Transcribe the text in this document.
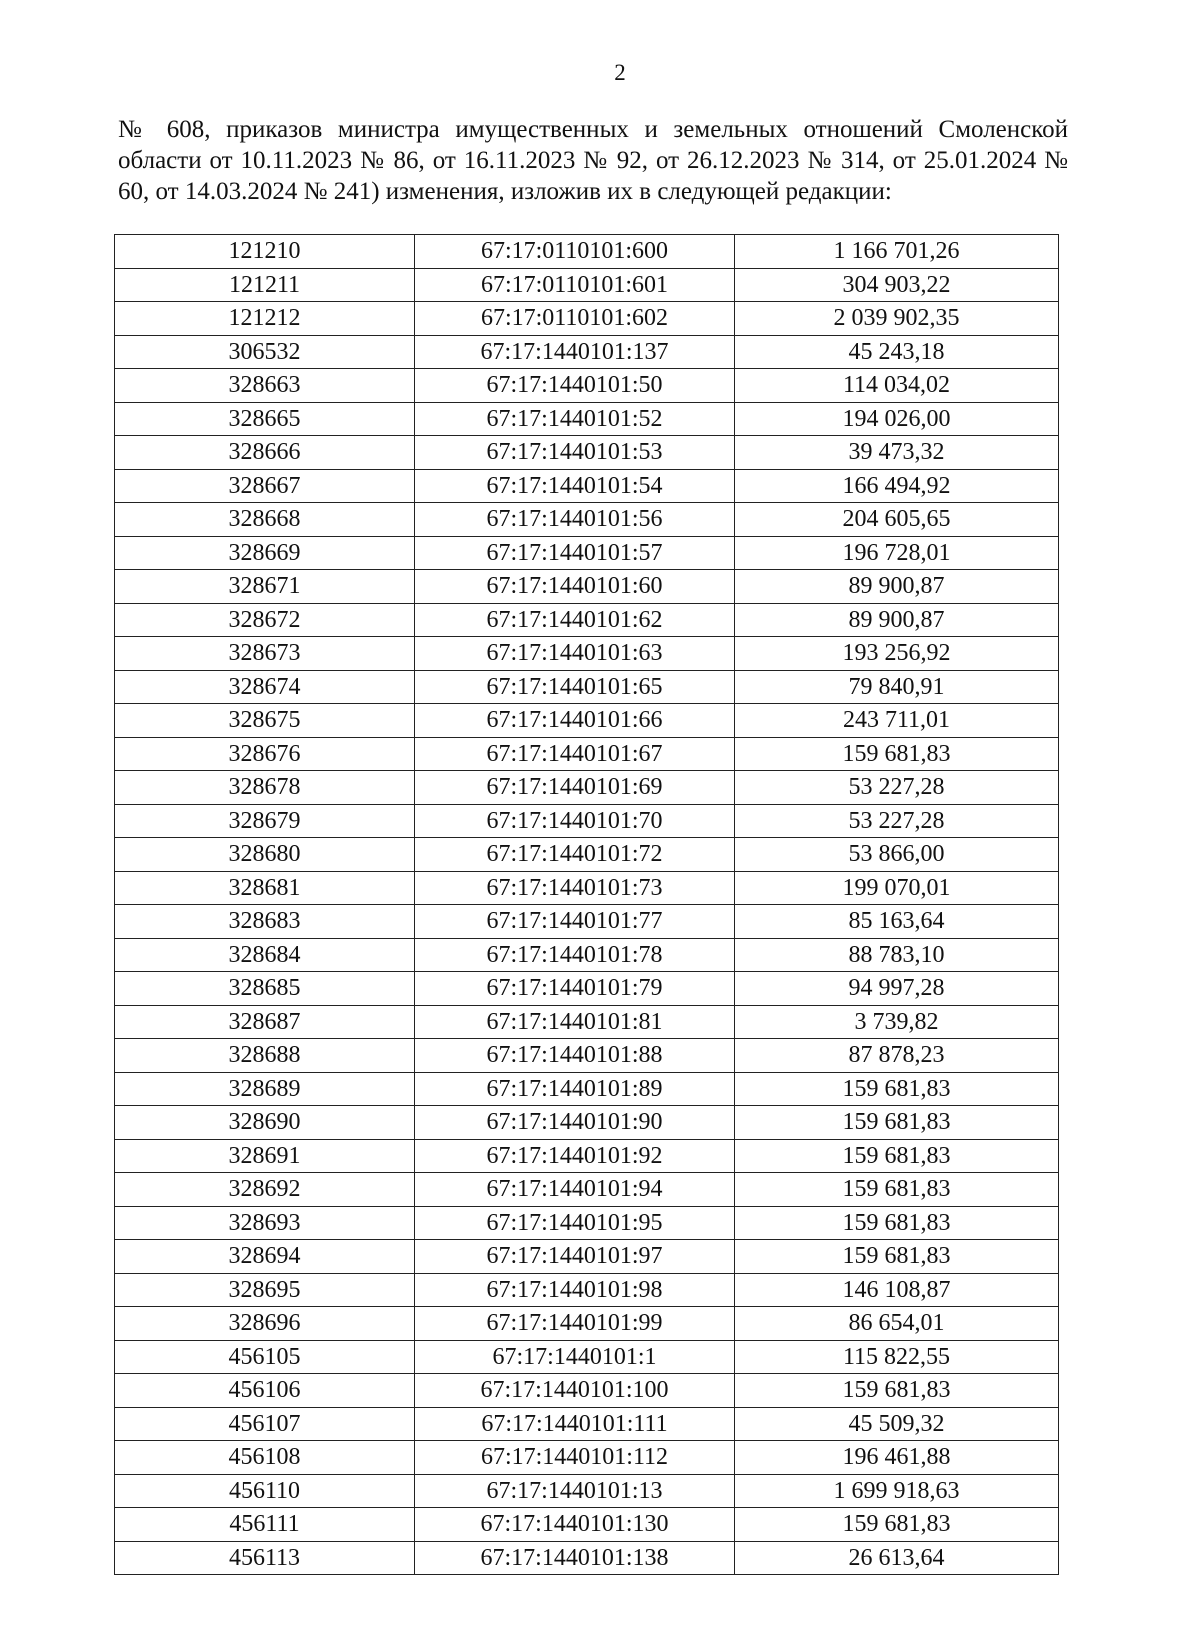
2

№ 608, приказов министра имущественных и земельных отношений Смоленской области от 10.11.2023 № 86, от 16.11.2023 № 92, от 26.12.2023 № 314, от 25.01.2024 № 60, от 14.03.2024 № 241) изменения, изложив их в следующей редакции:

121210	67:17:0110101:600	1 166 701,26
121211	67:17:0110101:601	304 903,22
121212	67:17:0110101:602	2 039 902,35
306532	67:17:1440101:137	45 243,18
328663	67:17:1440101:50	114 034,02
328665	67:17:1440101:52	194 026,00
328666	67:17:1440101:53	39 473,32
328667	67:17:1440101:54	166 494,92
328668	67:17:1440101:56	204 605,65
328669	67:17:1440101:57	196 728,01
328671	67:17:1440101:60	89 900,87
328672	67:17:1440101:62	89 900,87
328673	67:17:1440101:63	193 256,92
328674	67:17:1440101:65	79 840,91
328675	67:17:1440101:66	243 711,01
328676	67:17:1440101:67	159 681,83
328678	67:17:1440101:69	53 227,28
328679	67:17:1440101:70	53 227,28
328680	67:17:1440101:72	53 866,00
328681	67:17:1440101:73	199 070,01
328683	67:17:1440101:77	85 163,64
328684	67:17:1440101:78	88 783,10
328685	67:17:1440101:79	94 997,28
328687	67:17:1440101:81	3 739,82
328688	67:17:1440101:88	87 878,23
328689	67:17:1440101:89	159 681,83
328690	67:17:1440101:90	159 681,83
328691	67:17:1440101:92	159 681,83
328692	67:17:1440101:94	159 681,83
328693	67:17:1440101:95	159 681,83
328694	67:17:1440101:97	159 681,83
328695	67:17:1440101:98	146 108,87
328696	67:17:1440101:99	86 654,01
456105	67:17:1440101:1	115 822,55
456106	67:17:1440101:100	159 681,83
456107	67:17:1440101:111	45 509,32
456108	67:17:1440101:112	196 461,88
456110	67:17:1440101:13	1 699 918,63
456111	67:17:1440101:130	159 681,83
456113	67:17:1440101:138	26 613,64
